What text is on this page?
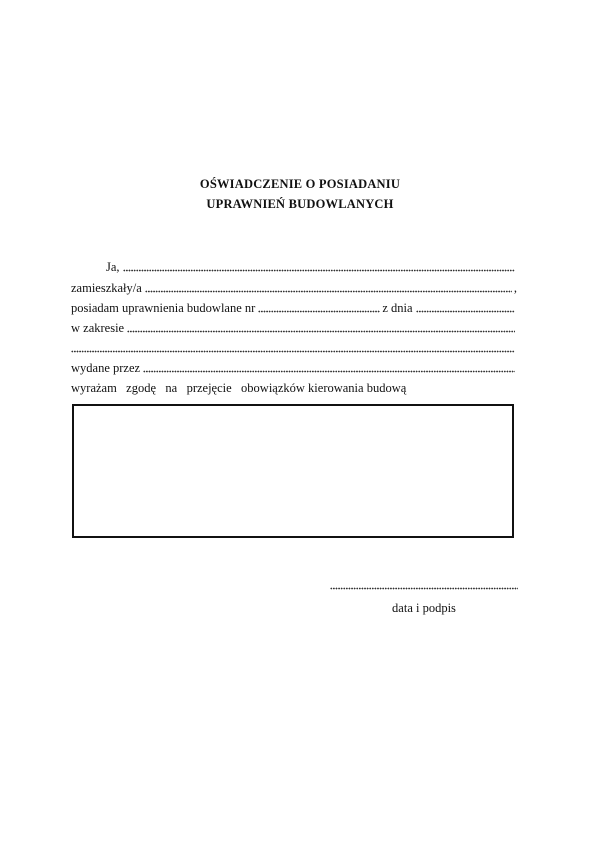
OŚWIADCZENIE O POSIADANIU
UPRAWNIEŃ BUDOWLANYCH
Ja,
zamieszkały/a	,
posiadam uprawnienia budowlane nr	z dnia
w zakresie
wydane przez
wyrażam   zgodę   na   przejęcie   obowiązków kierowania budową
data i podpis
